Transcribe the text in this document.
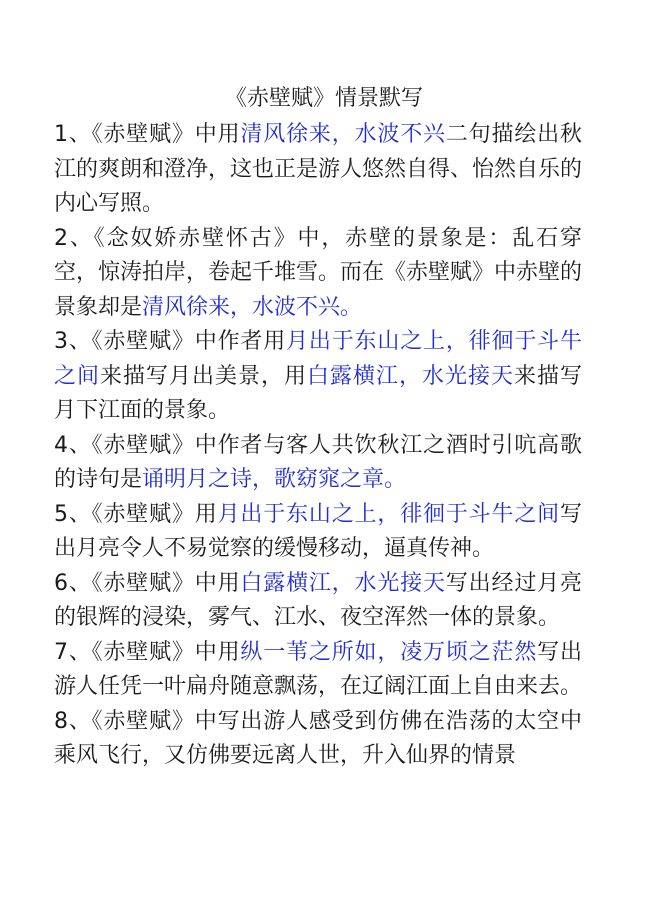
《赤壁赋》情景默写

1、《赤壁赋》中用清风徐来，水波不兴二句描绘出秋江的爽朗和澄净，这也正是游人悠然自得、怡然自乐的内心写照。

2、《念奴娇赤壁怀古》中，赤壁的景象是：乱石穿空，惊涛拍岸，卷起千堆雪。而在《赤壁赋》中赤壁的景象却是清风徐来，水波不兴。

3、《赤壁赋》中作者用月出于东山之上，徘徊于斗牛之间来描写月出美景，用白露横江，水光接天来描写月下江面的景象。

4、《赤壁赋》中作者与客人共饮秋江之酒时引吭高歌的诗句是诵明月之诗，歌窈窕之章。

5、《赤壁赋》用月出于东山之上，徘徊于斗牛之间写出月亮令人不易觉察的缓慢移动，逼真传神。

6、《赤壁赋》中用白露横江，水光接天写出经过月亮的银辉的浸染，雾气、江水、夜空浑然一体的景象。

7、《赤壁赋》中用纵一苇之所如，凌万顷之茫然写出游人任凭一叶扁舟随意飘荡，在辽阔江面上自由来去。

8、《赤壁赋》中写出游人感受到仿佛在浩荡的太空中乘风飞行，又仿佛要远离人世，升入仙界的情景
